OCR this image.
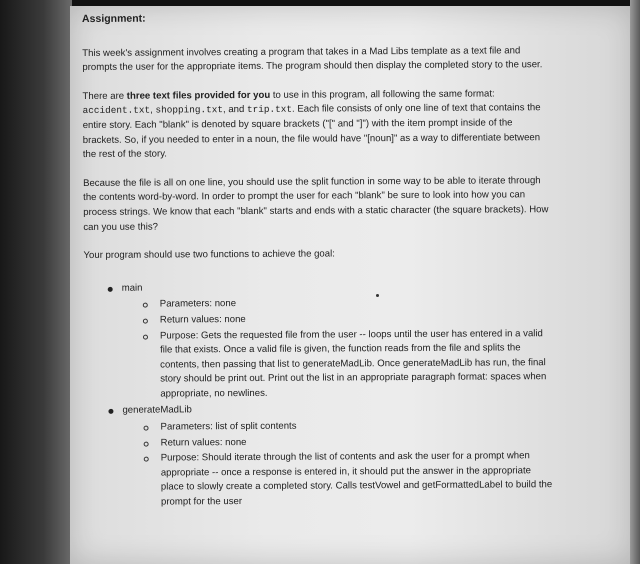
Assignment:

This week's assignment involves creating a program that takes in a Mad Libs template as a text file and prompts the user for the appropriate items. The program should then display the completed story to the user.

There are three text files provided for you to use in this program, all following the same format: accident.txt, shopping.txt, and trip.txt. Each file consists of only one line of text that contains the entire story. Each "blank" is denoted by square brackets ("[" and "]") with the item prompt inside of the brackets. So, if you needed to enter in a noun, the file would have "[noun]" as a way to differentiate between the rest of the story.

Because the file is all on one line, you should use the split function in some way to be able to iterate through the contents word-by-word. In order to prompt the user for each "blank" be sure to look into how you can process strings. We know that each "blank" starts and ends with a static character (the square brackets). How can you use this?

Your program should use two functions to achieve the goal:

main
Parameters: none
Return values: none
Purpose: Gets the requested file from the user -- loops until the user has entered in a valid file that exists. Once a valid file is given, the function reads from the file and splits the contents, then passing that list to generateMadLib. Once generateMadLib has run, the final story should be print out. Print out the list in an appropriate paragraph format: spaces when appropriate, no newlines.
generateMadLib
Parameters: list of split contents
Return values: none
Purpose: Should iterate through the list of contents and ask the user for a prompt when appropriate -- once a response is entered in, it should put the answer in the appropriate place to slowly create a completed story. Calls testVowel and getFormattedLabel to build the prompt for the user
